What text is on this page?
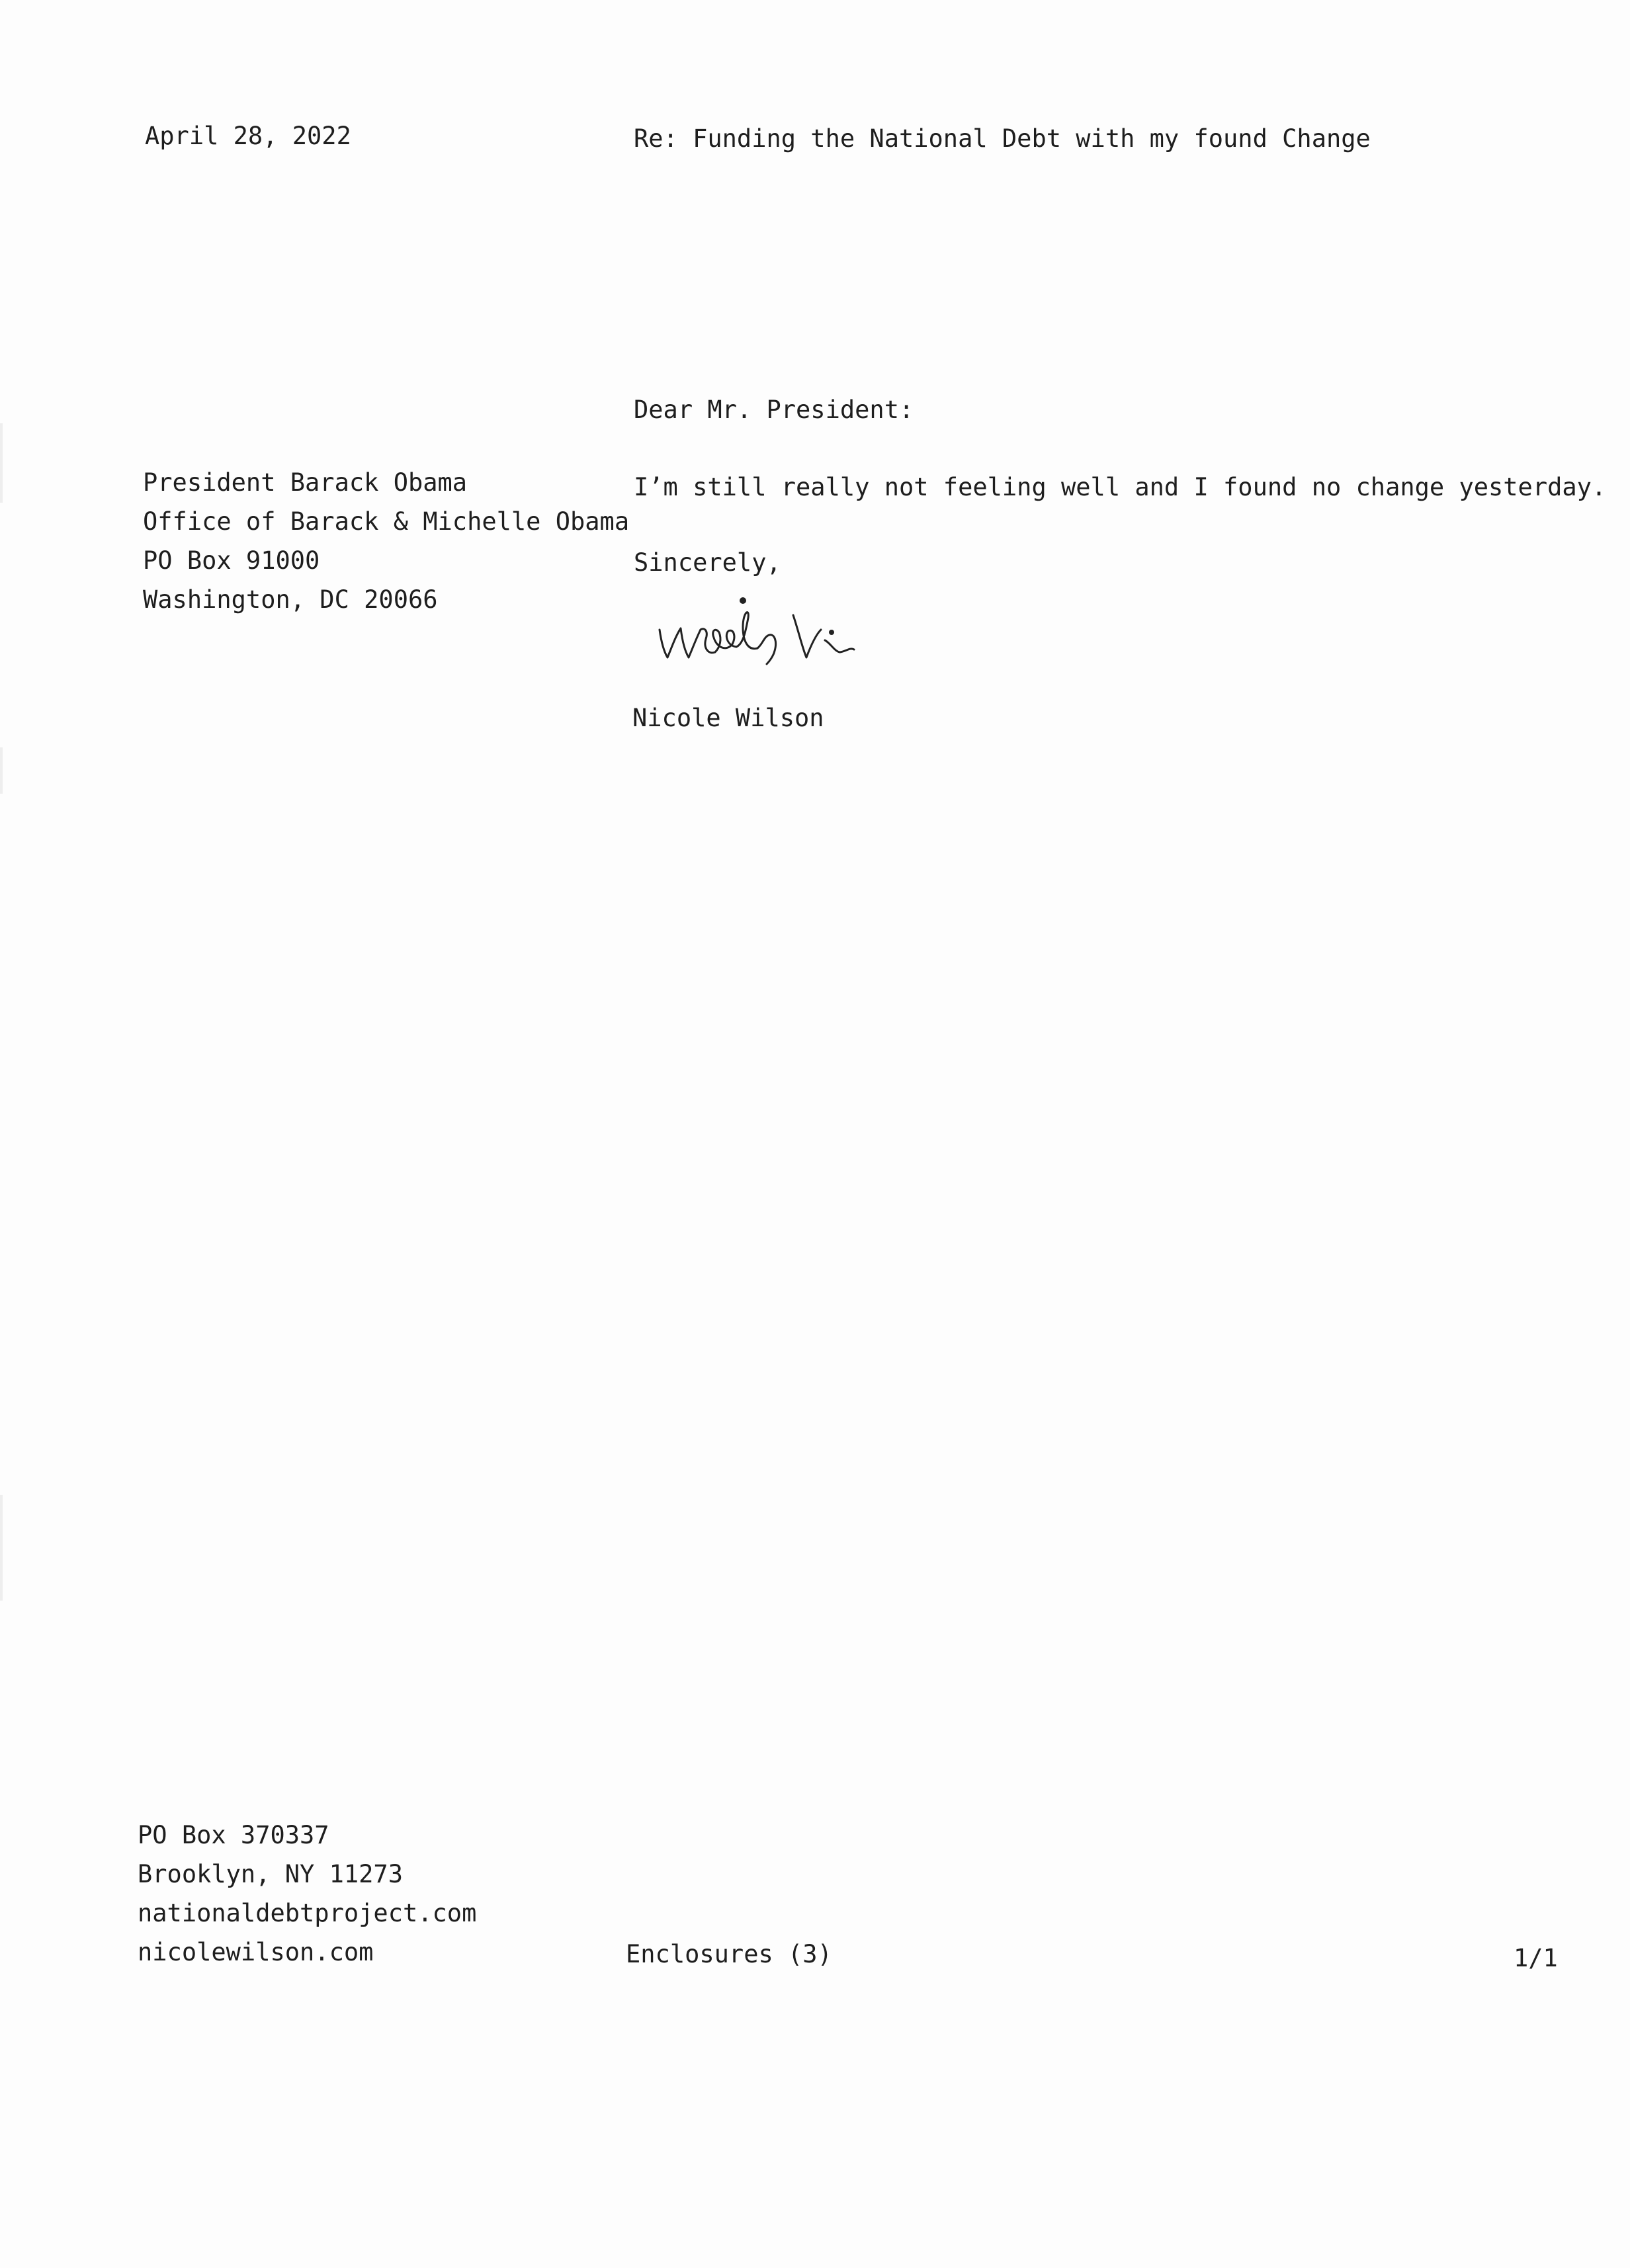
April 28, 2022	Re: Funding the National Debt with my found Change
Dear Mr. President:
President Barack Obama
Office of Barack & Michelle Obama
PO Box 91000
Washington, DC 20066
I’m still really not feeling well and I found no change yesterday.
Sincerely,
Nicole Wilson
PO Box 370337
Brooklyn, NY 11273
nationaldebtproject.com
nicolewilson.com	Enclosures (3)	1/1
